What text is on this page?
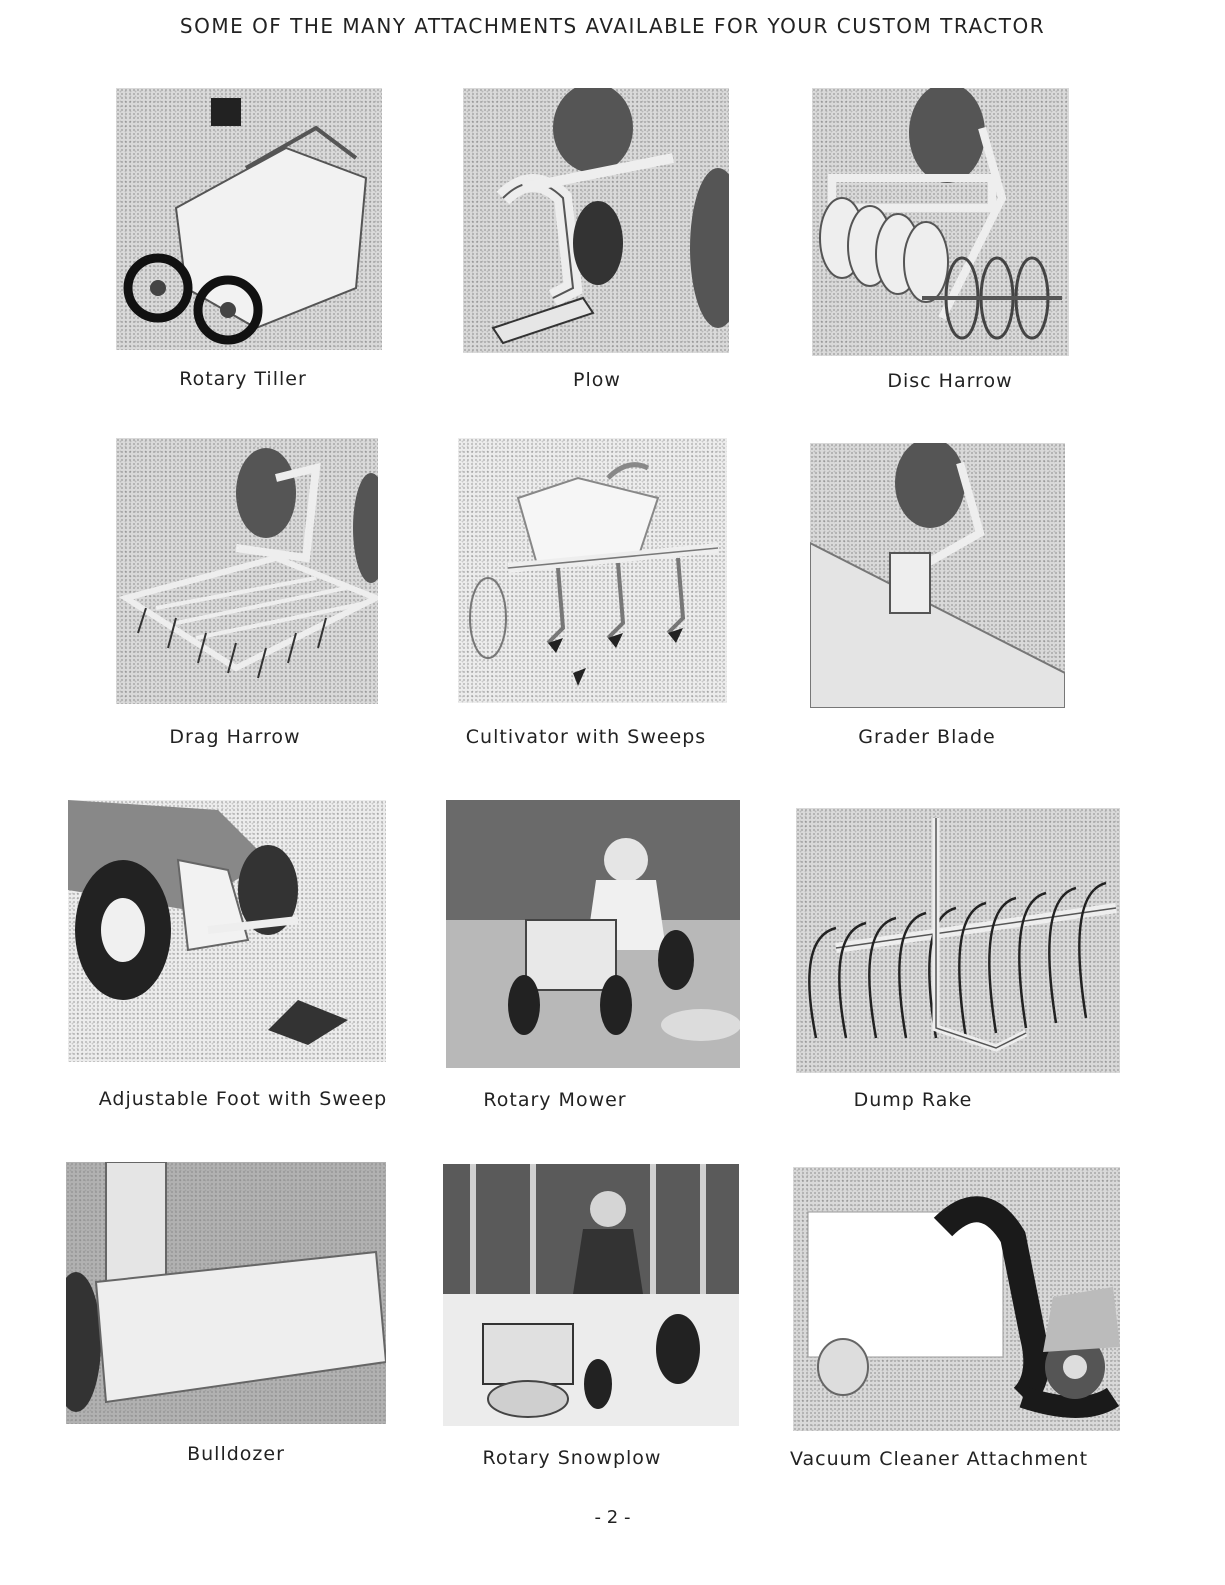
SOME OF THE MANY ATTACHMENTS AVAILABLE FOR YOUR CUSTOM TRACTOR
Rotary Tiller	Plow	Disc Harrow
Drag Harrow	Cultivator with Sweeps	Grader Blade
Adjustable Foot with Sweep	Rotary Mower	Dump Rake
Bulldozer	Rotary Snowplow	Vacuum Cleaner Attachment
- 2 -
